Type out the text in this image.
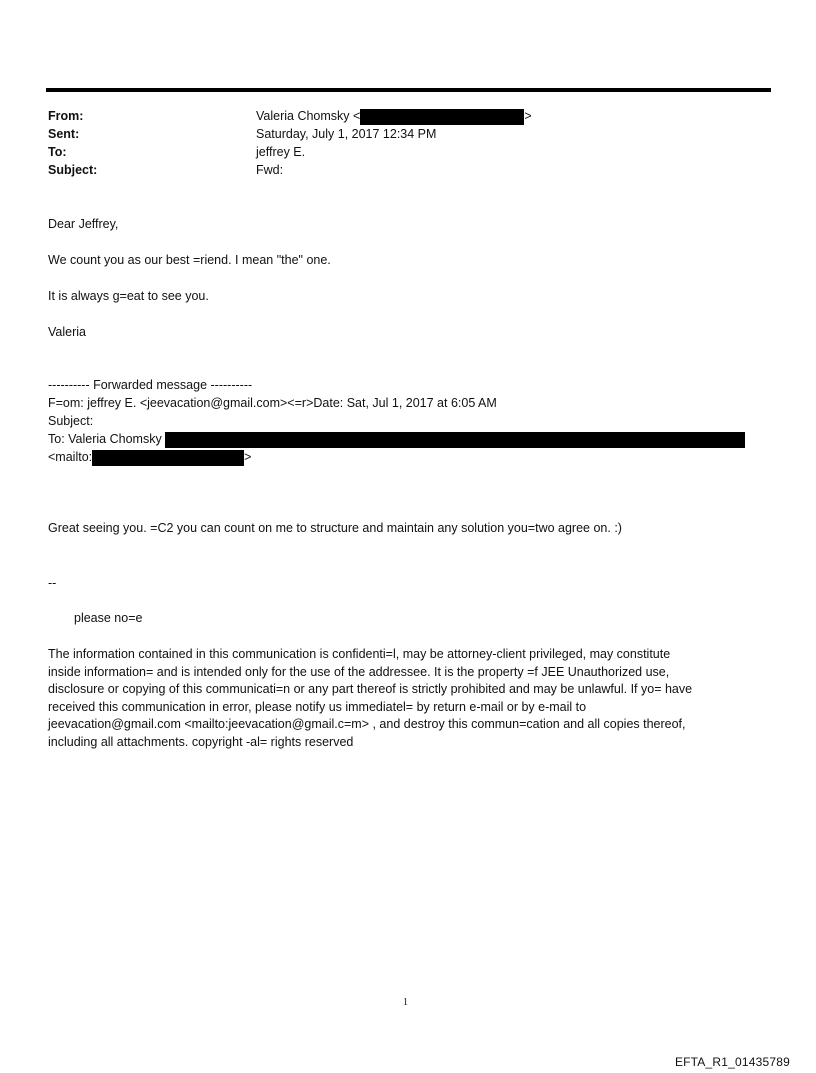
From:	Valeria Chomsky <	>
Sent:	Saturday, July 1, 2017 12:34 PM
To:	jeffrey E.
Subject:	Fwd:
Dear Jeffrey,
We count you as our best =riend. I mean "the" one.
It is always g=eat to see you.
Valeria
---------- Forwarded message ----------
F=om: jeffrey E. <jeevacation@gmail.com><=r>Date: Sat, Jul 1, 2017 at 6:05 AM
Subject:
To: Valeria Chomsky
<mailto:	>
Great seeing you. =C2 you can count on me to structure and maintain any solution you=two agree on. :)
--
please no=e
The information contained in this communication is confidenti=l, may be attorney-client privileged, may constitute
inside information= and is intended only for the use of the addressee. It is the property =f JEE Unauthorized use,
disclosure or copying of this communicati=n or any part thereof is strictly prohibited and may be unlawful. If yo= have
received this communication in error, please notify us immediatel= by return e-mail or by e-mail to
jeevacation@gmail.com <mailto:jeevacation@gmail.c=m> , and destroy this commun=cation and all copies thereof,
including all attachments. copyright -al= rights reserved
1
EFTA_R1_01435789
